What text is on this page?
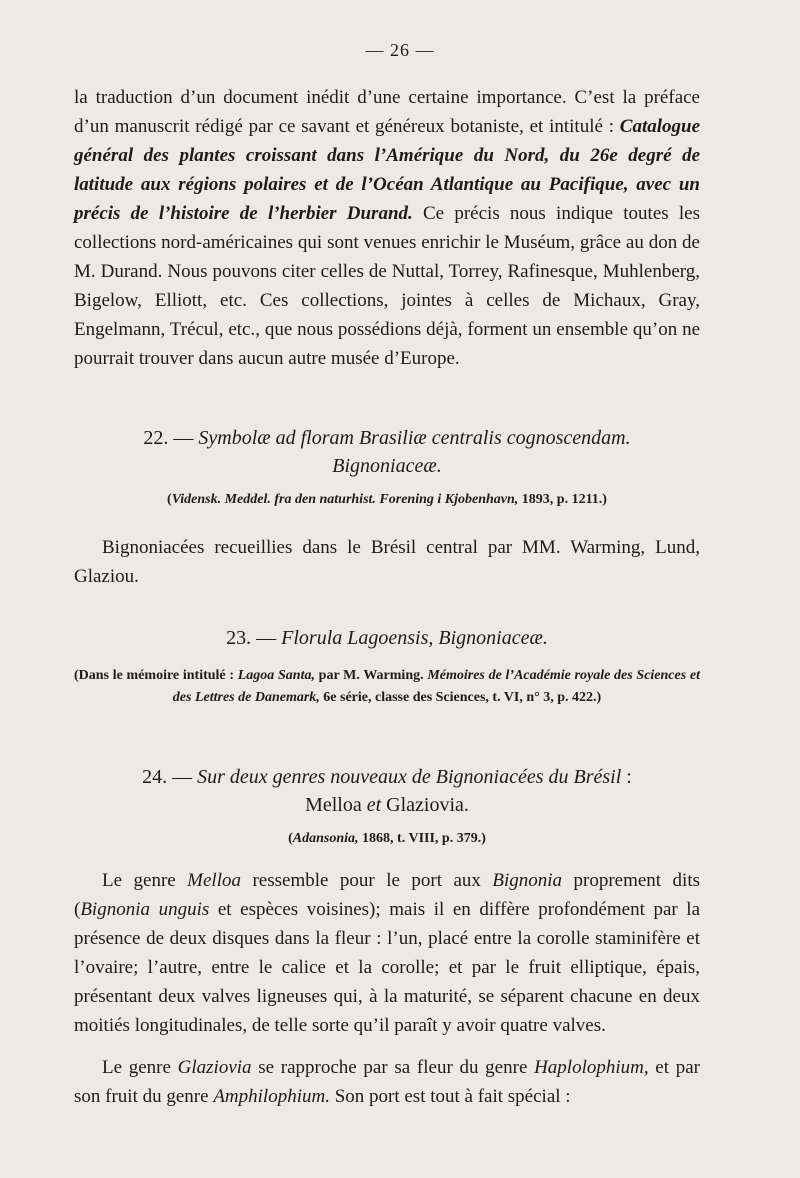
— 26 —

la traduction d’un document inédit d’une certaine importance. C’est la préface d’un manuscrit rédigé par ce savant et généreux botaniste, et intitulé : Catalogue général des plantes croissant dans l’Amérique du Nord, du 26e degré de latitude aux régions polaires et de l’Océan Atlantique au Pacifique, avec un précis de l’histoire de l’herbier Durand. Ce précis nous indique toutes les collections nord-américaines qui sont venues enrichir le Muséum, grâce au don de M. Durand. Nous pouvons citer celles de Nuttal, Torrey, Rafinesque, Muhlenberg, Bigelow, Elliott, etc. Ces collections, jointes à celles de Michaux, Gray, Engelmann, Trécul, etc., que nous possédions déjà, forment un ensemble qu’on ne pourrait trouver dans aucun autre musée d’Europe.

22. — Symbolæ ad floram Brasiliæ centralis cognoscendam.
Bignoniaceæ.

(Vidensk. Meddel. fra den naturhist. Forening i Kjobenhavn, 1893, p. 1211.)

Bignoniacées recueillies dans le Brésil central par MM. Warming, Lund, Glaziou.

23. — Florula Lagoensis, Bignoniaceæ.

(Dans le mémoire intitulé : Lagoa Santa, par M. Warming. Mémoires de l’Académie royale des Sciences et des Lettres de Danemark, 6e série, classe des Sciences, t. VI, n° 3, p. 422.)

24. — Sur deux genres nouveaux de Bignoniacées du Brésil :
Melloa et Glaziovia.

(Adansonia, 1868, t. VIII, p. 379.)

Le genre Melloa ressemble pour le port aux Bignonia proprement dits (Bignonia unguis et espèces voisines); mais il en diffère profondément par la présence de deux disques dans la fleur : l’un, placé entre la corolle staminifère et l’ovaire; l’autre, entre le calice et la corolle; et par le fruit elliptique, épais, présentant deux valves ligneuses qui, à la maturité, se séparent chacune en deux moitiés longitudinales, de telle sorte qu’il paraît y avoir quatre valves.

Le genre Glaziovia se rapproche par sa fleur du genre Haplolophium, et par son fruit du genre Amphilophium. Son port est tout à fait spécial :
